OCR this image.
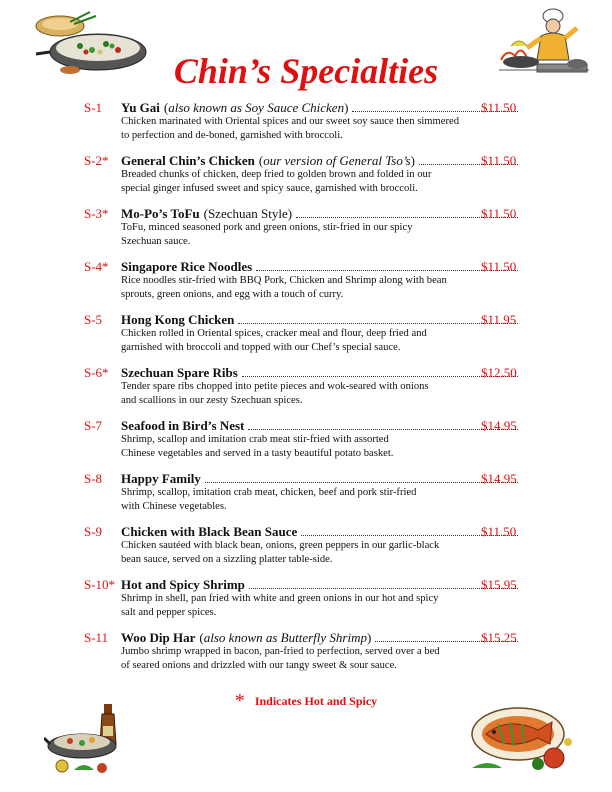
Chin’s Specialties
S-1 Yu Gai (also known as Soy Sauce Chicken)	$11.50
Chicken marinated with Oriental spices and our sweet soy sauce then simmered
to perfection and de-boned, garnished with broccoli.
S-2* General Chin’s Chicken (our version of General Tso’s)	$11.50
Breaded chunks of chicken, deep fried to golden brown and folded in our
special ginger infused sweet and spicy sauce, garnished with broccoli.
S-3* Mo-Po’s ToFu (Szechuan Style)	$11.50
ToFu, minced seasoned pork and green onions, stir-fried in our spicy
Szechuan sauce.
S-4* Singapore Rice Noodles	$11.50
Rice noodles stir-fried with BBQ Pork, Chicken and Shrimp along with bean
sprouts, green onions, and egg with a touch of curry.
S-5 Hong Kong Chicken	$11.95
Chicken rolled in Oriental spices, cracker meal and flour, deep fried and
garnished with broccoli and topped with our Chef’s special sauce.
S-6* Szechuan Spare Ribs	$12.50
Tender spare ribs chopped into petite pieces and wok-seared with onions
and scallions in our zesty Szechuan spices.
S-7 Seafood in Bird’s Nest	$14.95
Shrimp, scallop and imitation crab meat stir-fried with assorted
Chinese vegetables and served in a tasty beautiful potato basket.
S-8 Happy Family	$14.95
Shrimp, scallop, imitation crab meat, chicken, beef and pork stir-fried
with Chinese vegetables.
S-9 Chicken with Black Bean Sauce	$11.50
Chicken sautéed with black bean, onions, green peppers in our garlic-black
bean sauce, served on a sizzling platter table-side.
S-10* Hot and Spicy Shrimp	$15.95
Shrimp in shell, pan fried with white and green onions in our hot and spicy
salt and pepper spices.
S-11 Woo Dip Har (also known as Butterfly Shrimp)	$15.25
Jumbo shrimp wrapped in bacon, pan-fried to perfection, served over a bed
of seared onions and drizzled with our tangy sweet & sour sauce.
* Indicates Hot and Spicy
